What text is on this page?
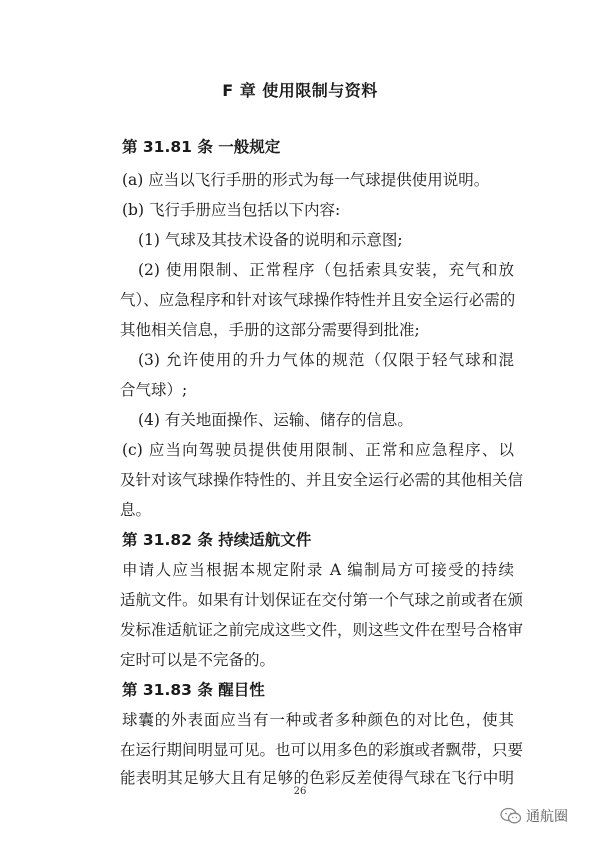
F 章 使用限制与资料
第 31.81 条 一般规定
(a) 应当以飞行手册的形式为每一气球提供使用说明。
(b) 飞行手册应当包括以下内容:
(1) 气球及其技术设备的说明和示意图;
(2) 使用限制、正常程序（包括索具安装，充气和放
气）、应急程序和针对该气球操作特性并且安全运行必需的
其他相关信息，手册的这部分需要得到批准;
(3) 允许使用的升力气体的规范（仅限于轻气球和混
合气球）;
(4) 有关地面操作、运输、储存的信息。
(c) 应当向驾驶员提供使用限制、正常和应急程序、以
及针对该气球操作特性的、并且安全运行必需的其他相关信
息。
第 31.82 条 持续适航文件
申请人应当根据本规定附录 A 编制局方可接受的持续
适航文件。如果有计划保证在交付第一个气球之前或者在颁
发标准适航证之前完成这些文件，则这些文件在型号合格审
定时可以是不完备的。
第 31.83 条 醒目性
球囊的外表面应当有一种或者多种颜色的对比色，使其
在运行期间明显可见。也可以用多色的彩旗或者飘带，只要
能表明其足够大且有足够的色彩反差使得气球在飞行中明
26
通航圈
